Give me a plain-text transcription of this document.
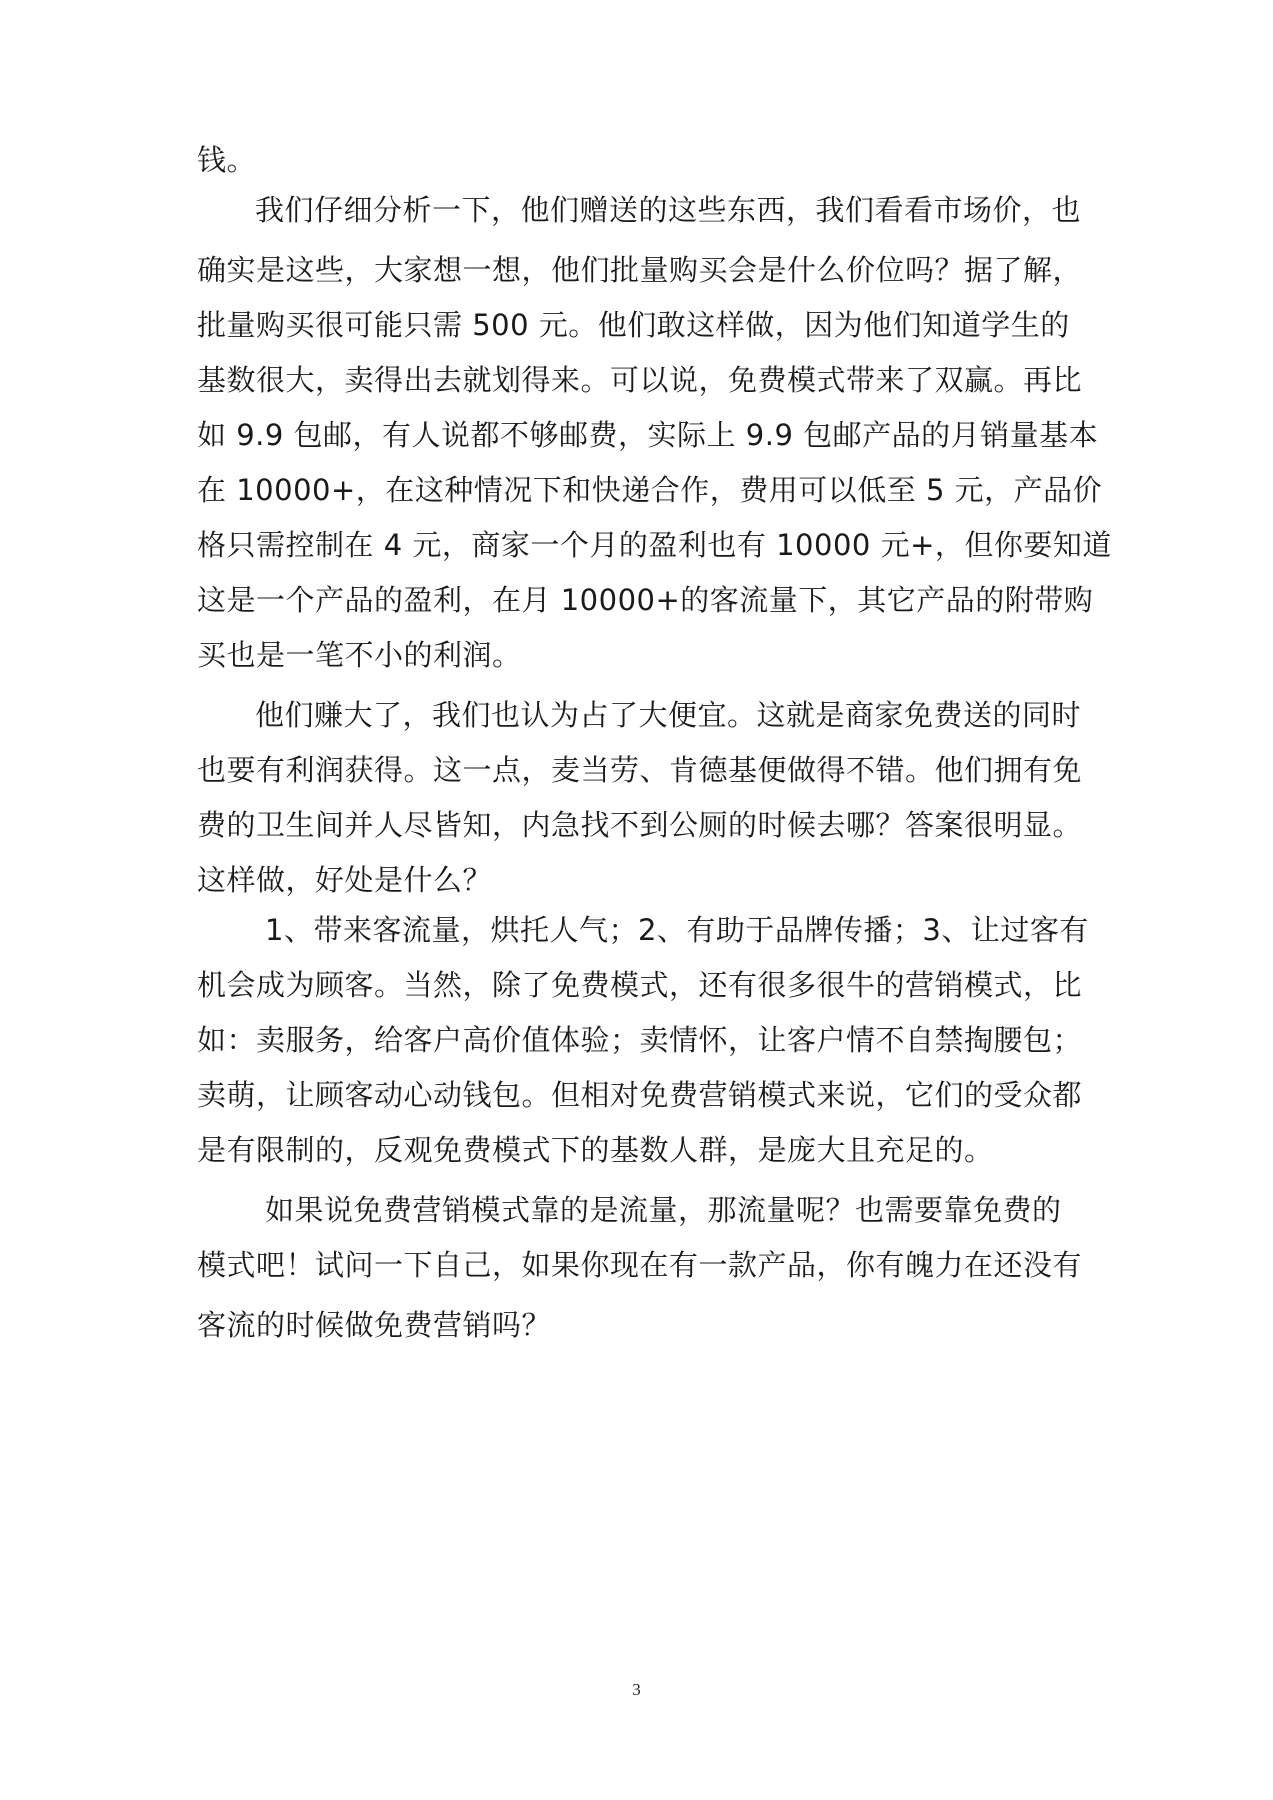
钱。
我们仔细分析一下，他们赠送的这些东西，我们看看市场价，也
确实是这些，大家想一想，他们批量购买会是什么价位吗？据了解，
批量购买很可能只需 500 元。他们敢这样做，因为他们知道学生的
基数很大，卖得出去就划得来。可以说，免费模式带来了双赢。再比
如 9.9 包邮，有人说都不够邮费，实际上 9.9 包邮产品的月销量基本
在 10000+，在这种情况下和快递合作，费用可以低至 5 元，产品价
格只需控制在 4 元，商家一个月的盈利也有 10000 元+，但你要知道
这是一个产品的盈利，在月 10000+的客流量下，其它产品的附带购
买也是一笔不小的利润。
他们赚大了，我们也认为占了大便宜。这就是商家免费送的同时
也要有利润获得。这一点，麦当劳、肯德基便做得不错。他们拥有免
费的卫生间并人尽皆知，内急找不到公厕的时候去哪？答案很明显。
这样做，好处是什么？
1、带来客流量，烘托人气；2、有助于品牌传播；3、让过客有
机会成为顾客。当然，除了免费模式，还有很多很牛的营销模式，比
如：卖服务，给客户高价值体验；卖情怀，让客户情不自禁掏腰包；
卖萌，让顾客动心动钱包。但相对免费营销模式来说，它们的受众都
是有限制的，反观免费模式下的基数人群，是庞大且充足的。
如果说免费营销模式靠的是流量，那流量呢？也需要靠免费的
模式吧！试问一下自己，如果你现在有一款产品，你有魄力在还没有
客流的时候做免费营销吗？
3
